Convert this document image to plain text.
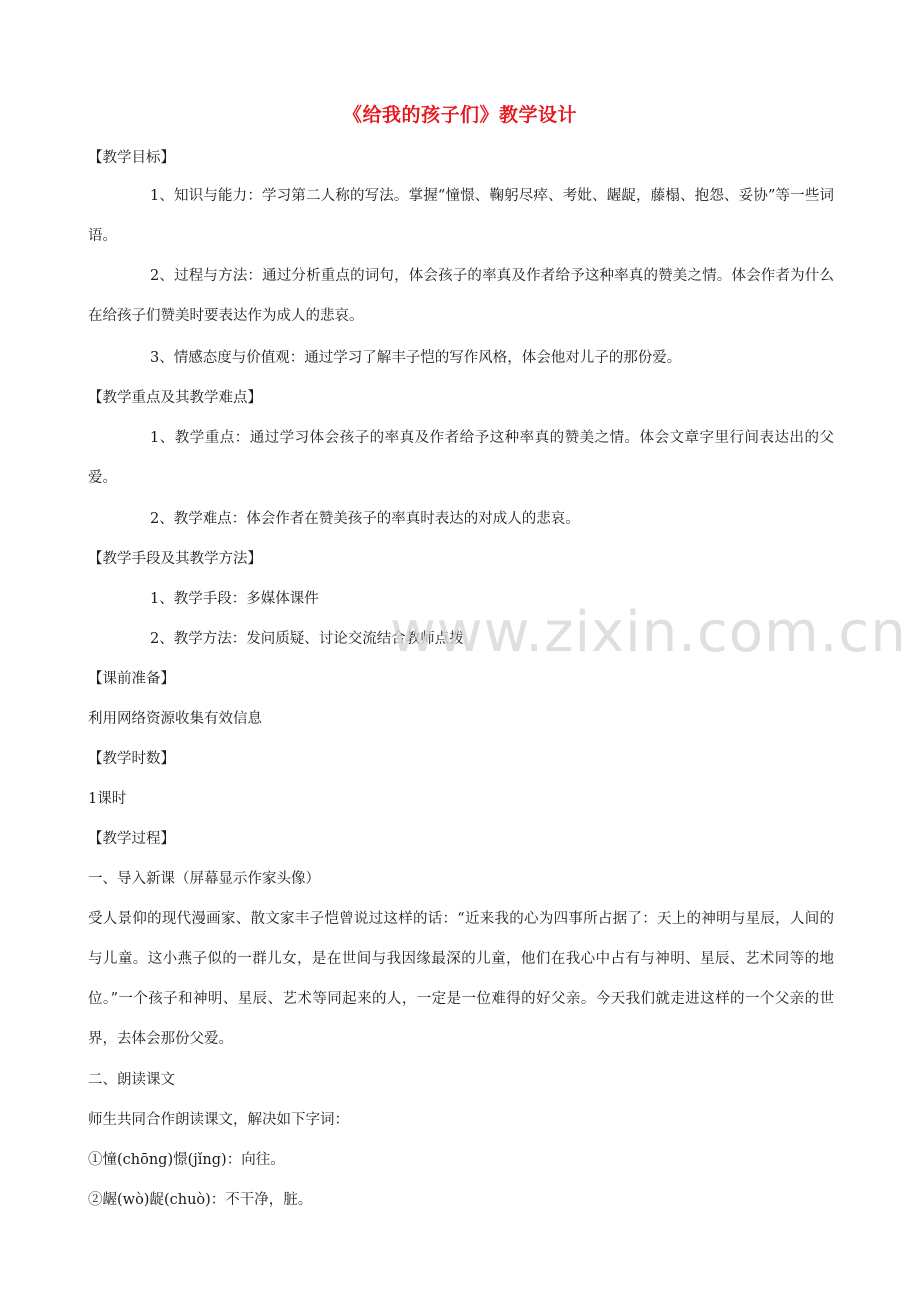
《给我的孩子们》教学设计
【教学目标】
1、知识与能力：学习第二人称的写法。掌握“憧憬、鞠躬尽瘁、考妣、龌龊，藤榻、抱怨、妥协”等一些词语。
2、过程与方法：通过分析重点的词句，体会孩子的率真及作者给予这种率真的赞美之情。体会作者为什么在给孩子们赞美时要表达作为成人的悲哀。
3、情感态度与价值观：通过学习了解丰子恺的写作风格，体会他对儿子的那份爱。
【教学重点及其教学难点】
1、教学重点：通过学习体会孩子的率真及作者给予这种率真的赞美之情。体会文章字里行间表达出的父爱。
2、教学难点：体会作者在赞美孩子的率真时表达的对成人的悲哀。
【教学手段及其教学方法】
1、教学手段：多媒体课件
2、教学方法：发问质疑、讨论交流结合教师点拨
【课前准备】
利用网络资源收集有效信息
【教学时数】
1课时
【教学过程】
一、导入新课（屏幕显示作家头像）
受人景仰的现代漫画家、散文家丰子恺曾说过这样的话：“近来我的心为四事所占据了：天上的神明与星辰，人间的与儿童。这小燕子似的一群儿女，是在世间与我因缘最深的儿童，他们在我心中占有与神明、星辰、艺术同等的地位。”一个孩子和神明、星辰、艺术等同起来的人，一定是一位难得的好父亲。今天我们就走进这样的一个父亲的世界，去体会那份父爱。
二、朗读课文
师生共同合作朗读课文，解决如下字词：
①憧(chōng)憬(jǐng)：向往。
②龌(wò)龊(chuò)：不干净，脏。
www.zixin.com.cn
